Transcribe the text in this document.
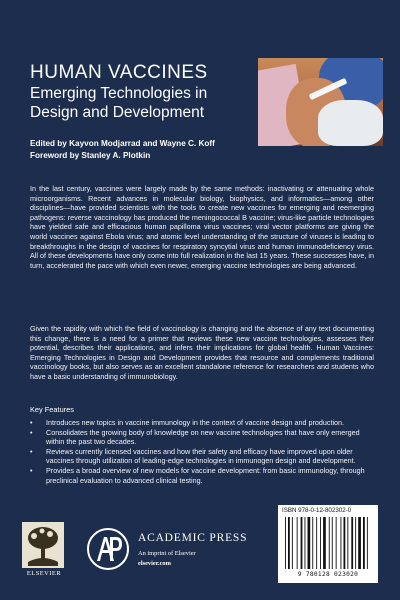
HUMAN VACCINES
Emerging Technologies in Design and Development
Edited by Kayvon Modjarrad and Wayne C. Koff
Foreword by Stanley A. Plotkin
In the last century, vaccines were largely made by the same methods: inactivating or attenuating whole microorganisms. Recent advances in molecular biology, biophysics, and informatics—among other disciplines—have provided scientists with the tools to create new vaccines for emerging and reemerging pathogens: reverse vaccinology has produced the meningococcal B vaccine; virus-like particle technologies have yielded safe and efficacious human papilloma virus vaccines; viral vector platforms are giving the world vaccines against Ebola virus; and atomic level understanding of the structure of viruses is leading to breakthroughs in the design of vaccines for respiratory syncytial virus and human immunodeficiency virus. All of these developments have only come into full realization in the last 15 years. These successes have, in turn, accelerated the pace with which even newer, emerging vaccine technologies are being advanced.
Given the rapidity with which the field of vaccinology is changing and the absence of any text documenting this change, there is a need for a primer that reviews these new vaccine technologies, assesses their potential, describes their applications, and infers their implications for global health. Human Vaccines: Emerging Technologies in Design and Development provides that resource and complements traditional vaccinology books, but also serves as an excellent standalone reference for researchers and students who have a basic understanding of immunobiology.
Key Features
• Introduces new topics in vaccine immunology in the context of vaccine design and production.
• Consolidates the growing body of knowledge on new vaccine technologies that have only emerged within the past two decades.
• Reviews currently licensed vaccines and how their safety and efficacy have improved upon older vaccines through utilization of leading-edge technologies in immunogen design and development.
• Provides a broad overview of new models for vaccine development: from basic immunology, through preclinical evaluation to advanced clinical testing.
ELSEVIER
ACADEMIC PRESS
An imprint of Elsevier
elsevier.com
ISBN 978-0-12-802302-0
9 780128 023020
